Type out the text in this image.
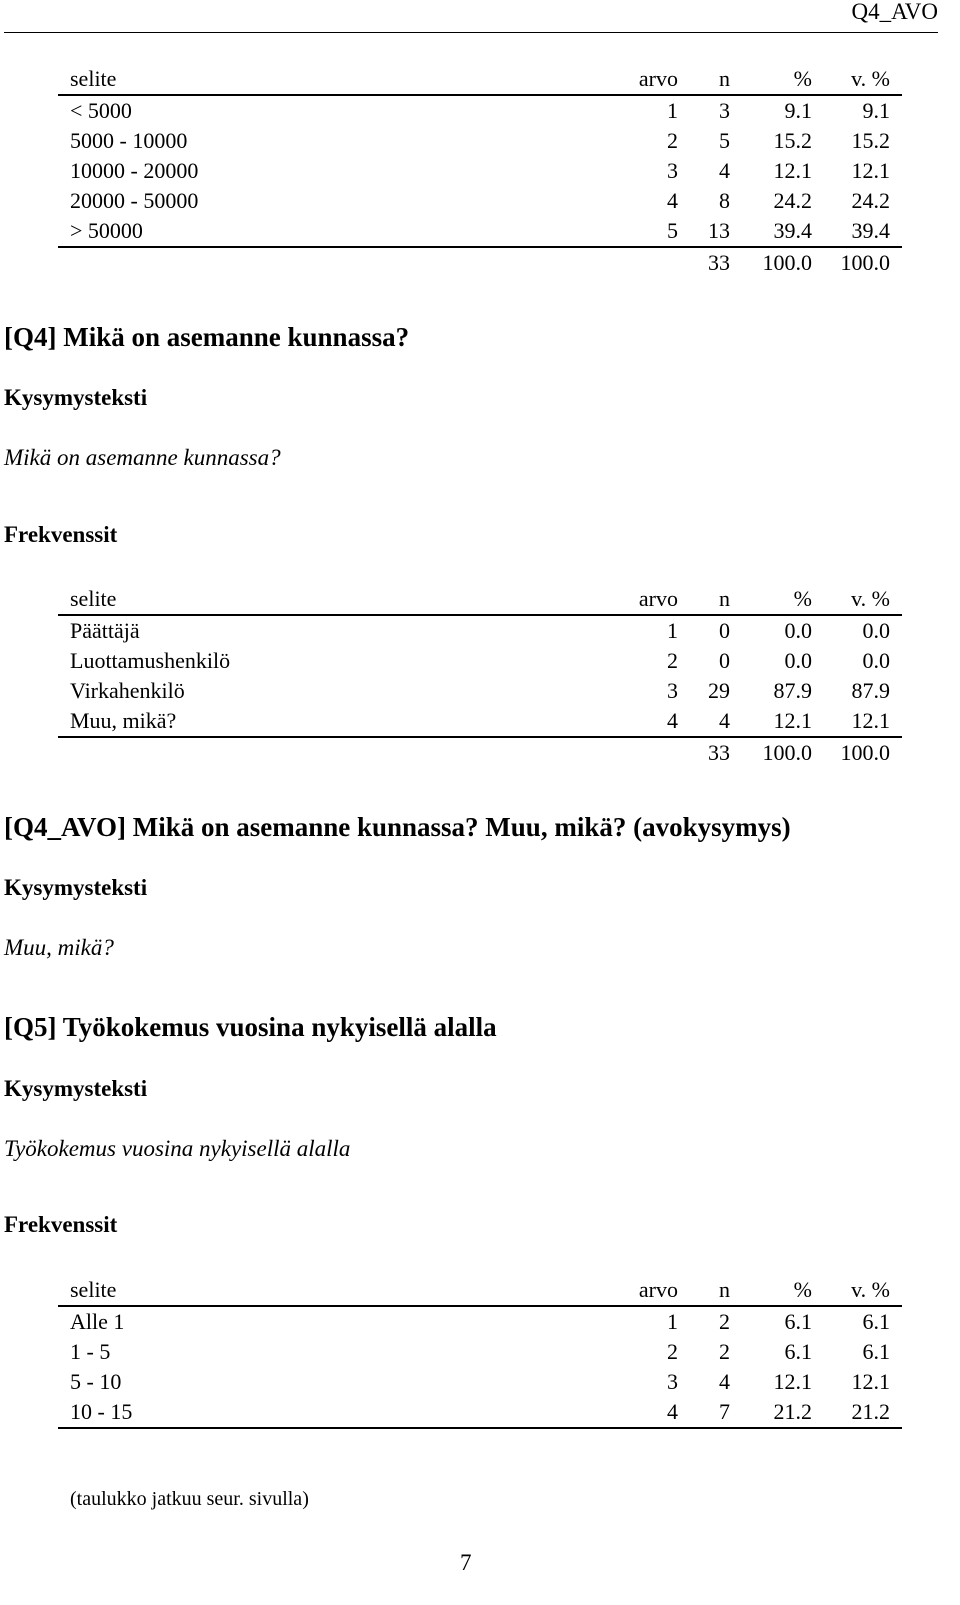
Q4_AVO
selite	arvo	n	%	v. %
< 5000	1	3	9.1	9.1
5000 - 10000	2	5	15.2	15.2
10000 - 20000	3	4	12.1	12.1
20000 - 50000	4	8	24.2	24.2
> 50000	5	13	39.4	39.4
		33	100.0	100.0
[Q4] Mikä on asemanne kunnassa?
Kysymysteksti
Mikä on asemanne kunnassa?
Frekvenssit
selite	arvo	n	%	v. %
Päättäjä	1	0	0.0	0.0
Luottamushenkilö	2	0	0.0	0.0
Virkahenkilö	3	29	87.9	87.9
Muu, mikä?	4	4	12.1	12.1
		33	100.0	100.0
[Q4_AVO] Mikä on asemanne kunnassa? Muu, mikä? (avokysymys)
Kysymysteksti
Muu, mikä?
[Q5] Työkokemus vuosina nykyisellä alalla
Kysymysteksti
Työkokemus vuosina nykyisellä alalla
Frekvenssit
selite	arvo	n	%	v. %
Alle 1	1	2	6.1	6.1
1 - 5	2	2	6.1	6.1
5 - 10	3	4	12.1	12.1
10 - 15	4	7	21.2	21.2
(taulukko jatkuu seur. sivulla)
7
